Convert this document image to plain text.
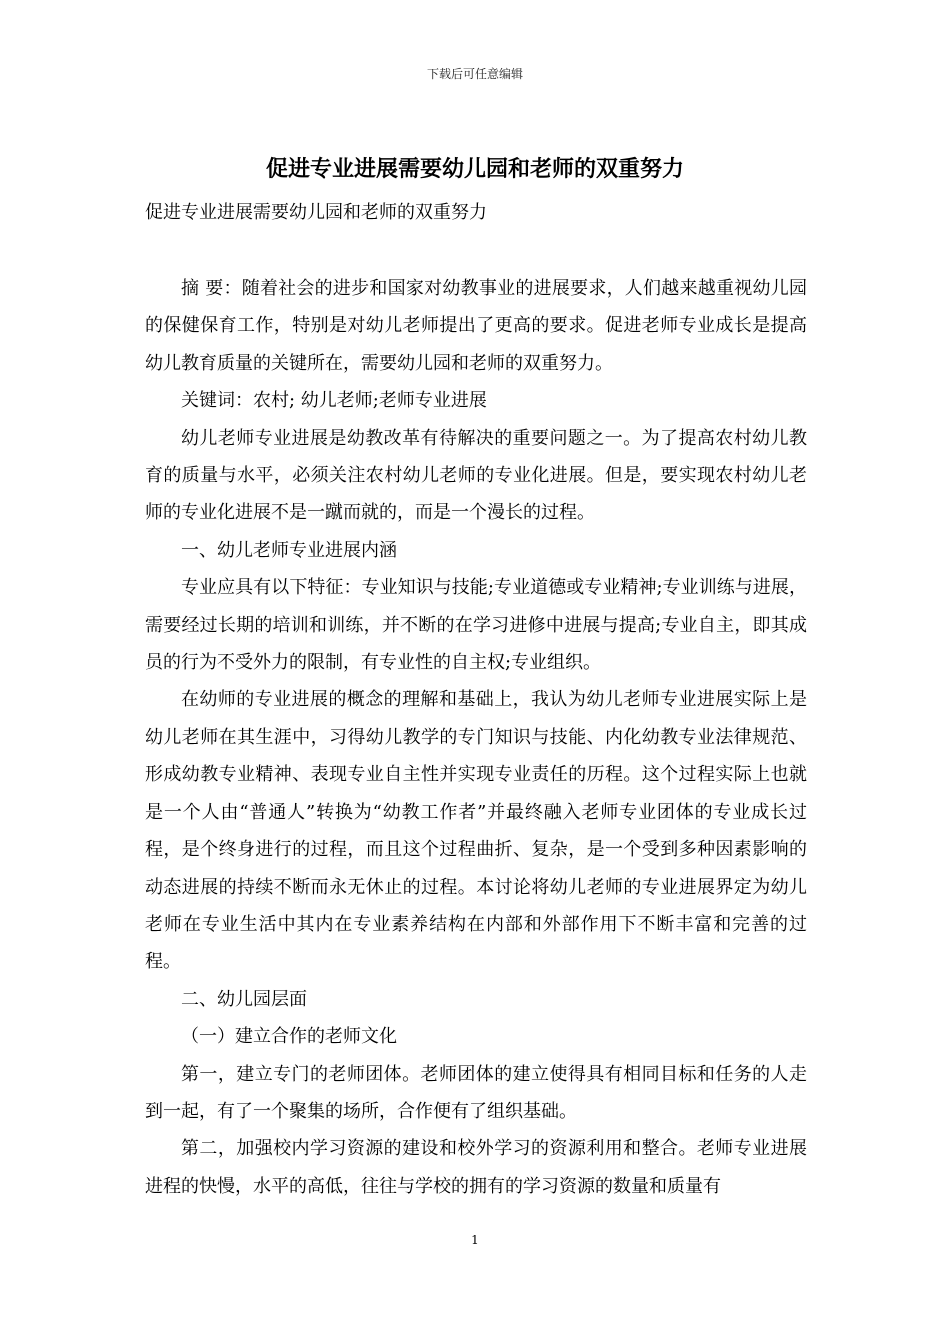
下载后可任意编辑
促进专业进展需要幼儿园和老师的双重努力

促进专业进展需要幼儿园和老师的双重努力

摘 要：随着社会的进步和国家对幼教事业的进展要求，人们越来越重视幼儿园的保健保育工作，特别是对幼儿老师提出了更高的要求。促进老师专业成长是提高幼儿教育质量的关键所在，需要幼儿园和老师的双重努力。

关键词：农村; 幼儿老师;老师专业进展

幼儿老师专业进展是幼教改革有待解决的重要问题之一。为了提高农村幼儿教育的质量与水平，必须关注农村幼儿老师的专业化进展。但是，要实现农村幼儿老师的专业化进展不是一蹴而就的，而是一个漫长的过程。

一、幼儿老师专业进展内涵

专业应具有以下特征：专业知识与技能;专业道德或专业精神;专业训练与进展，需要经过长期的培训和训练，并不断的在学习进修中进展与提高;专业自主，即其成员的行为不受外力的限制，有专业性的自主权;专业组织。

在幼师的专业进展的概念的理解和基础上，我认为幼儿老师专业进展实际上是幼儿老师在其生涯中，习得幼儿教学的专门知识与技能、内化幼教专业法律规范、形成幼教专业精神、表现专业自主性并实现专业责任的历程。这个过程实际上也就是一个人由“普通人”转换为“幼教工作者”并最终融入老师专业团体的专业成长过程，是个终身进行的过程，而且这个过程曲折、复杂，是一个受到多种因素影响的动态进展的持续不断而永无休止的过程。本讨论将幼儿老师的专业进展界定为幼儿老师在专业生活中其内在专业素养结构在内部和外部作用下不断丰富和完善的过程。

二、幼儿园层面

（一）建立合作的老师文化

第一，建立专门的老师团体。老师团体的建立使得具有相同目标和任务的人走到一起，有了一个聚集的场所，合作便有了组织基础。

第二，加强校内学习资源的建设和校外学习的资源利用和整合。老师专业进展进程的快慢，水平的高低，往往与学校的拥有的学习资源的数量和质量有

1
